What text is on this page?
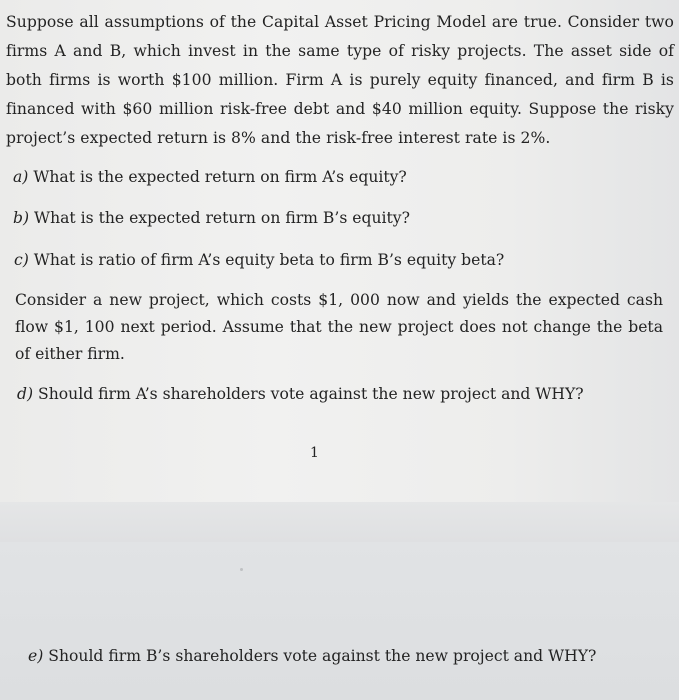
Suppose all assumptions of the Capital Asset Pricing Model are true. Consider two firms A and B, which invest in the same type of risky projects. The asset side of both firms is worth $100 million. Firm A is purely equity financed, and firm B is financed with $60 million risk-free debt and $40 million equity. Suppose the risky project’s expected return is 8% and the risk-free interest rate is 2%.

a) What is the expected return on firm A’s equity?

b) What is the expected return on firm B’s equity?

c) What is ratio of firm A’s equity beta to firm B’s equity beta?

Consider a new project, which costs $1, 000 now and yields the expected cash flow $1, 100 next period. Assume that the new project does not change the beta of either firm.

d) Should firm A’s shareholders vote against the new project and WHY?

1

e) Should firm B’s shareholders vote against the new project and WHY?
